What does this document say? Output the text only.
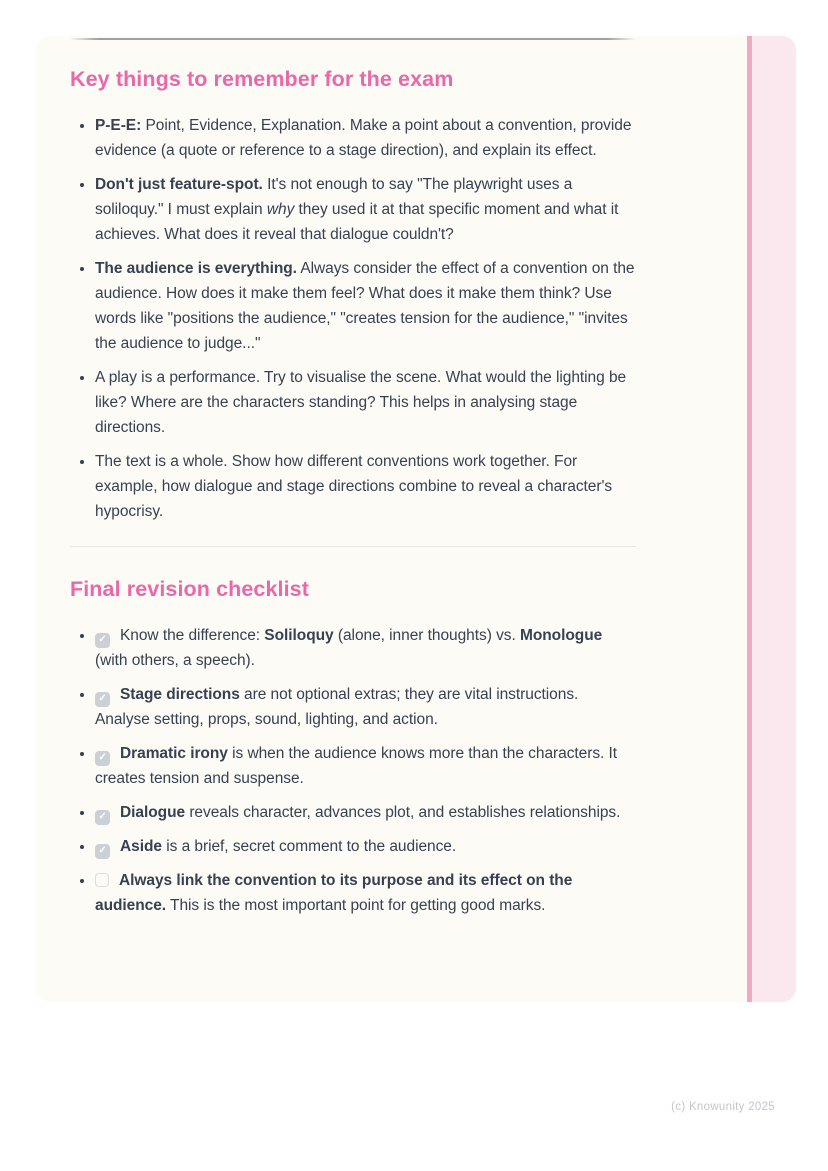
Key things to remember for the exam
• P-E-E: Point, Evidence, Explanation. Make a point about a convention, provide evidence (a quote or reference to a stage direction), and explain its effect.
• Don't just feature-spot. It's not enough to say "The playwright uses a soliloquy." I must explain why they used it at that specific moment and what it achieves. What does it reveal that dialogue couldn't?
• The audience is everything. Always consider the effect of a convention on the audience. How does it make them feel? What does it make them think? Use words like "positions the audience," "creates tension for the audience," "invites the audience to judge..."
• A play is a performance. Try to visualise the scene. What would the lighting be like? Where are the characters standing? This helps in analysing stage directions.
• The text is a whole. Show how different conventions work together. For example, how dialogue and stage directions combine to reveal a character's hypocrisy.
Final revision checklist
• ✓ Know the difference: Soliloquy (alone, inner thoughts) vs. Monologue (with others, a speech).
• ✓ Stage directions are not optional extras; they are vital instructions. Analyse setting, props, sound, lighting, and action.
• ✓ Dramatic irony is when the audience knows more than the characters. It creates tension and suspense.
• ✓ Dialogue reveals character, advances plot, and establishes relationships.
• ✓ Aside is a brief, secret comment to the audience.
• Always link the convention to its purpose and its effect on the audience. This is the most important point for getting good marks.
(c) Knowunity 2025
